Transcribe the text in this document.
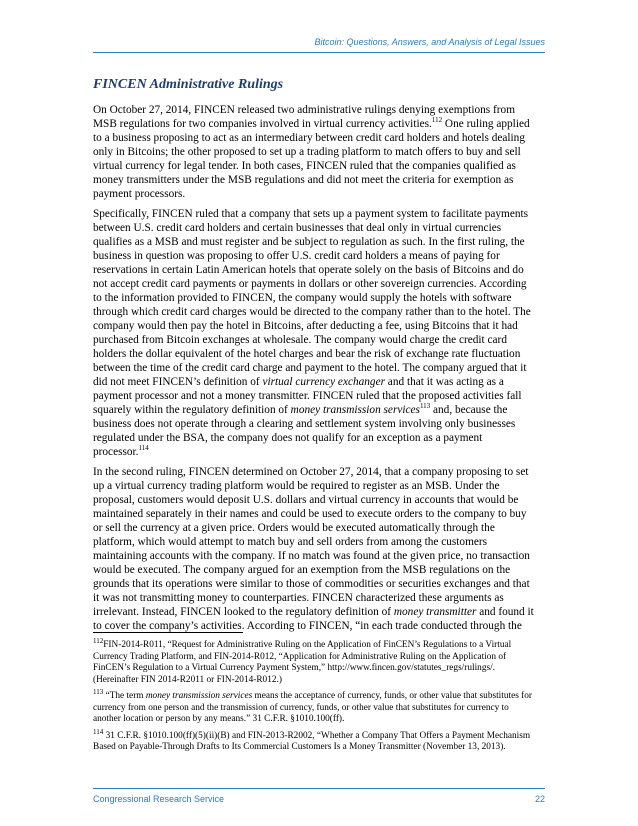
Bitcoin: Questions, Answers, and Analysis of Legal Issues
FINCEN Administrative Rulings
On October 27, 2014, FINCEN released two administrative rulings denying exemptions from
MSB regulations for two companies involved in virtual currency activities.$^{112}$ One ruling applied
to a business proposing to act as an intermediary between credit card holders and hotels dealing
only in Bitcoins; the other proposed to set up a trading platform to match offers to buy and sell
virtual currency for legal tender. In both cases, FINCEN ruled that the companies qualified as
money transmitters under the MSB regulations and did not meet the criteria for exemption as
payment processors.
Specifically, FINCEN ruled that a company that sets up a payment system to facilitate payments
between U.S. credit card holders and certain businesses that deal only in virtual currencies
qualifies as a MSB and must register and be subject to regulation as such. In the first ruling, the
business in question was proposing to offer U.S. credit card holders a means of paying for
reservations in certain Latin American hotels that operate solely on the basis of Bitcoins and do
not accept credit card payments or payments in dollars or other sovereign currencies. According
to the information provided to FINCEN, the company would supply the hotels with software
through which credit card charges would be directed to the company rather than to the hotel. The
company would then pay the hotel in Bitcoins, after deducting a fee, using Bitcoins that it had
purchased from Bitcoin exchanges at wholesale. The company would charge the credit card
holders the dollar equivalent of the hotel charges and bear the risk of exchange rate fluctuation
between the time of the credit card charge and payment to the hotel. The company argued that it
did not meet FINCEN’s definition of virtual currency exchanger and that it was acting as a
payment processor and not a money transmitter. FINCEN ruled that the proposed activities fall
squarely within the regulatory definition of money transmission services$^{113}$ and, because the
business does not operate through a clearing and settlement system involving only businesses
regulated under the BSA, the company does not qualify for an exception as a payment
processor.$^{114}$
In the second ruling, FINCEN determined on October 27, 2014, that a company proposing to set
up a virtual currency trading platform would be required to register as an MSB. Under the
proposal, customers would deposit U.S. dollars and virtual currency in accounts that would be
maintained separately in their names and could be used to execute orders to the company to buy
or sell the currency at a given price. Orders would be executed automatically through the
platform, which would attempt to match buy and sell orders from among the customers
maintaining accounts with the company. If no match was found at the given price, no transaction
would be executed. The company argued for an exemption from the MSB regulations on the
grounds that its operations were similar to those of commodities or securities exchanges and that
it was not transmitting money to counterparties. FINCEN characterized these arguments as
irrelevant. Instead, FINCEN looked to the regulatory definition of money transmitter and found it
to cover the company’s activities. According to FINCEN, “in each trade conducted through the
$^{112}$FIN-2014-R011, “Request for Administrative Ruling on the Application of FinCEN’s Regulations to a Virtual
Currency Trading Platform, and FIN-2014-R012, “Application for Administrative Ruling on the Application of
FinCEN’s Regulation to a Virtual Currency Payment System,” http://www.fincen.gov/statutes_regs/rulings/.
(Hereinafter FIN 2014-R2011 or FIN-2014-R012.)
$^{113}$ “The term money transmission services means the acceptance of currency, funds, or other value that substitutes for
currency from one person and the transmission of currency, funds, or other value that substitutes for currency to
another location or person by any means.” 31 C.F.R. §1010.100(ff).
$^{114}$ 31 C.F.R. §1010.100(ff)(5)(ii)(B) and FIN-2013-R2002, “Whether a Company That Offers a Payment Mechanism
Based on Payable-Through Drafts to Its Commercial Customers Is a Money Transmitter (November 13, 2013).
Congressional Research Service	22
